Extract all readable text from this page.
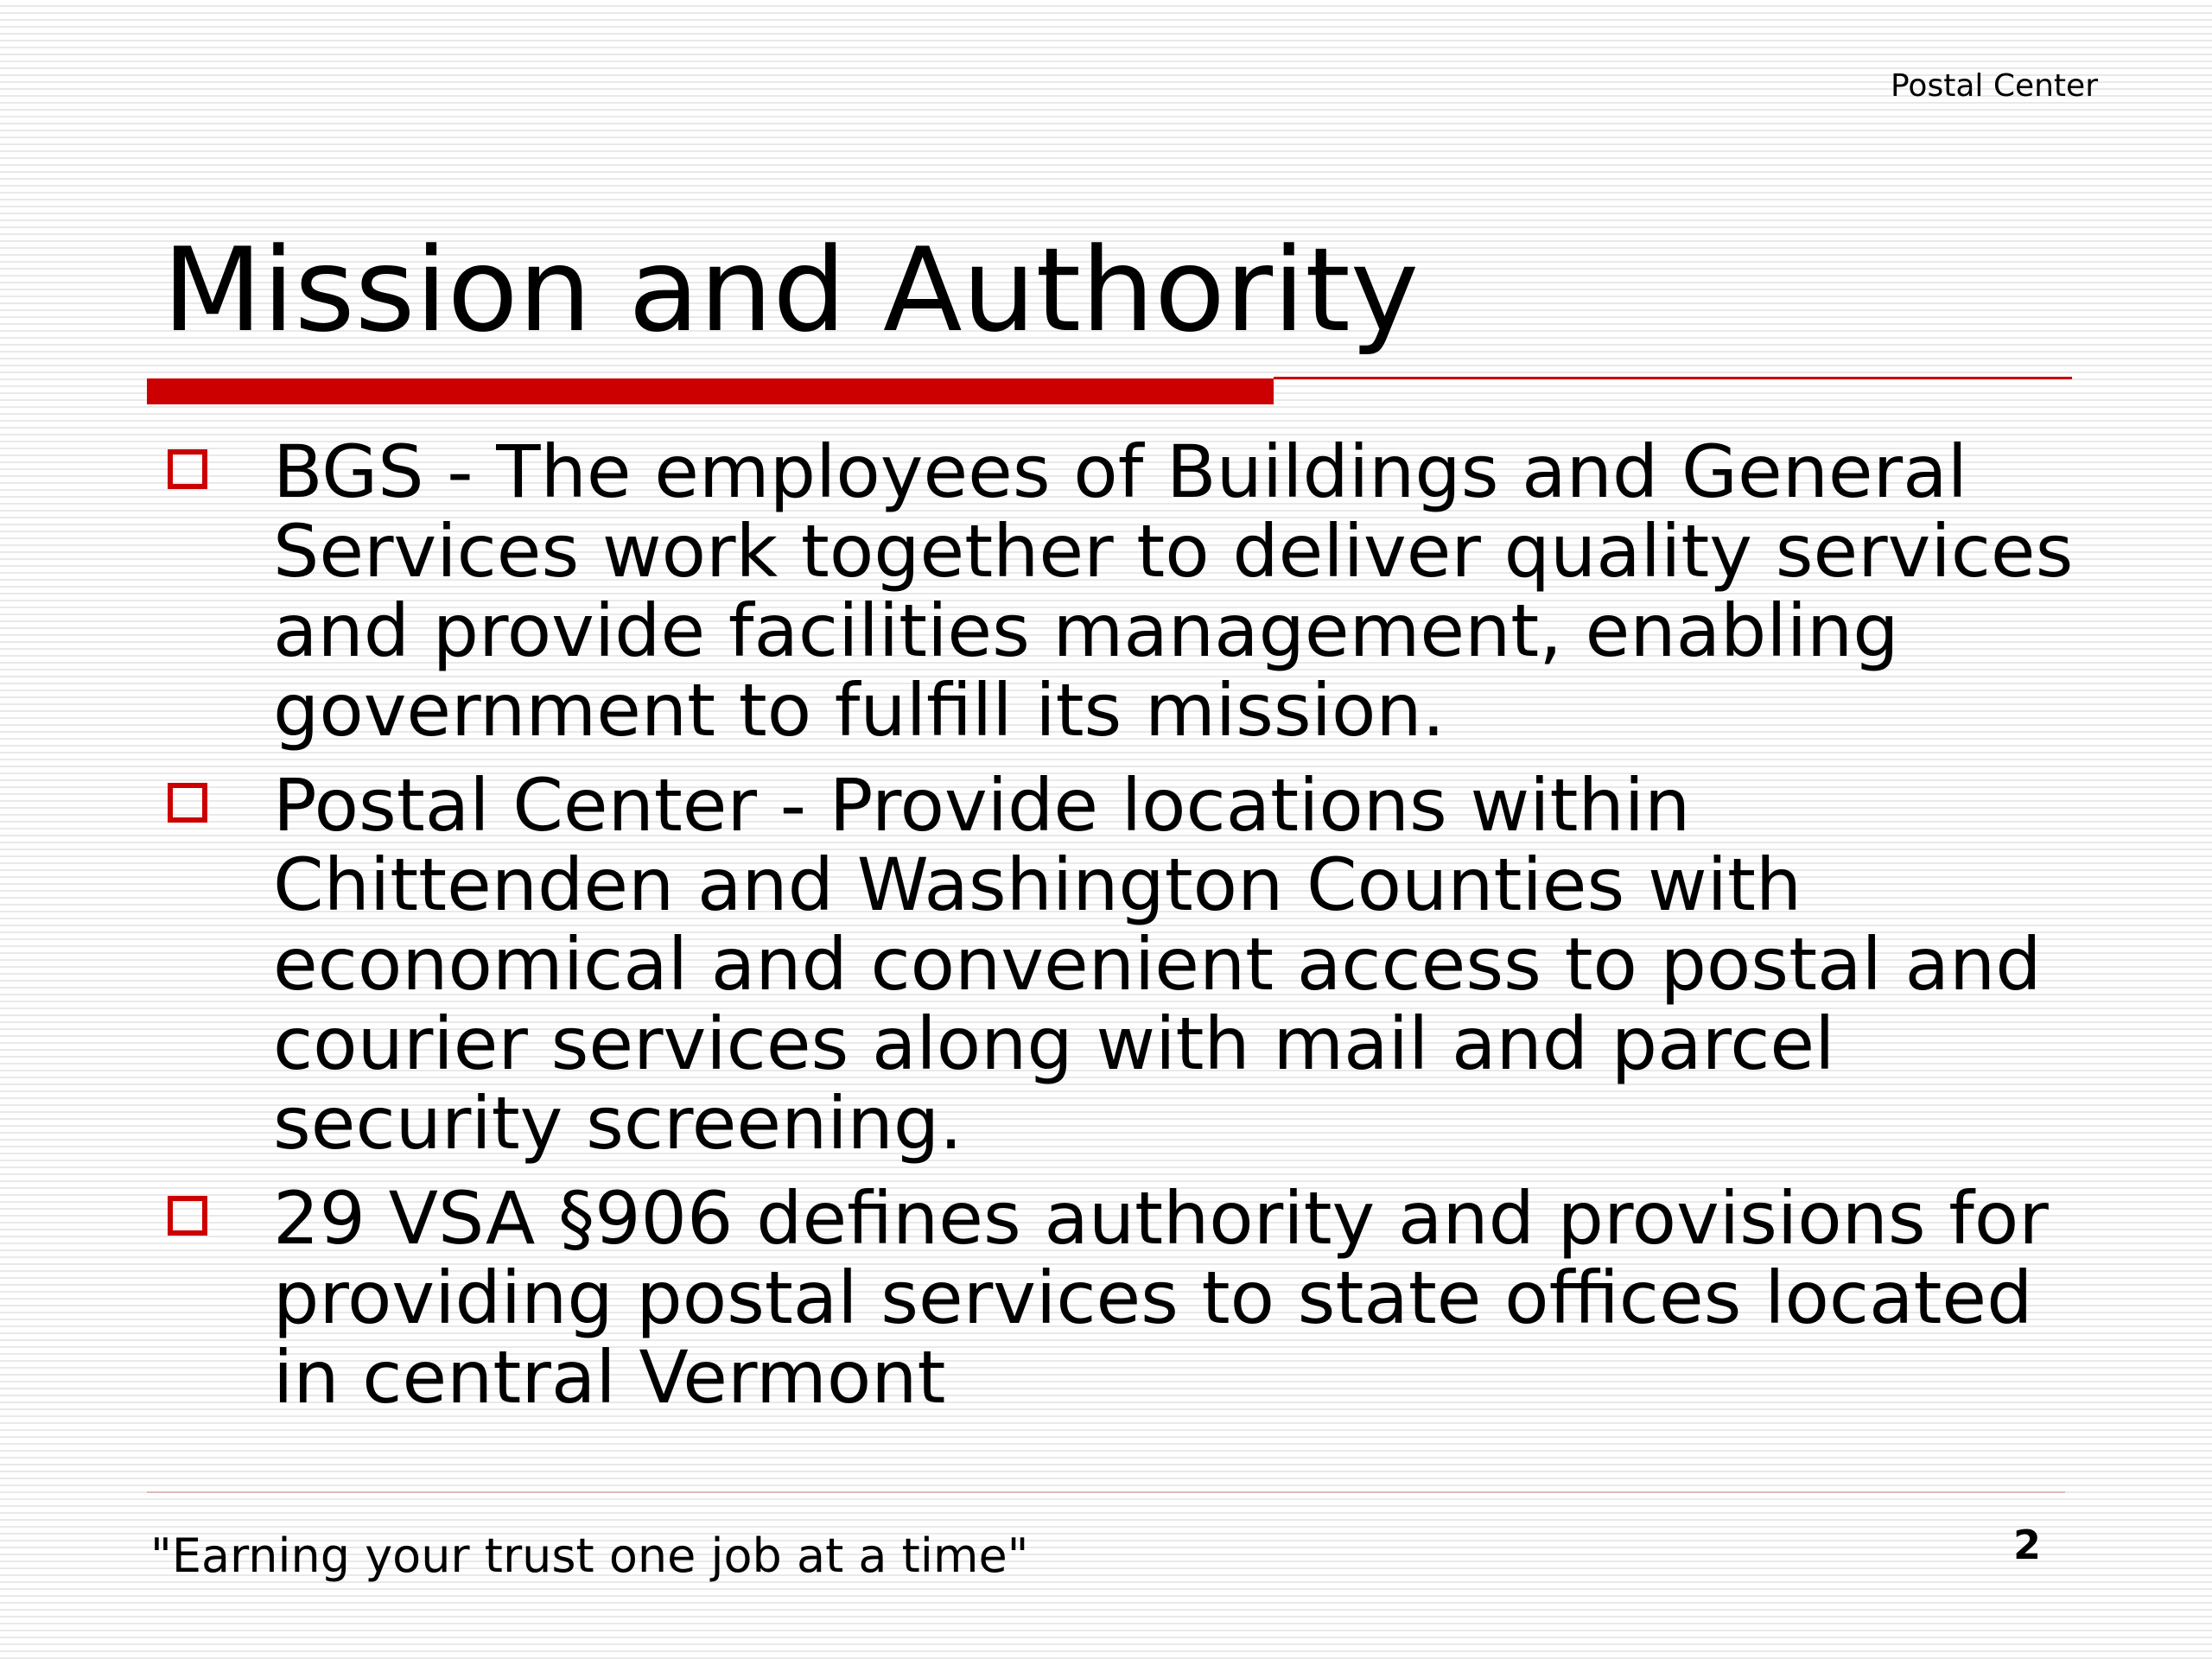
Postal Center
Mission and Authority
BGS - The employees of Buildings and General Services work together to deliver quality services and provide facilities management, enabling government to fulfill its mission.
Postal Center - Provide locations within Chittenden and Washington Counties with economical and convenient access to postal and courier services along with mail and parcel security screening.
29 VSA §906 defines authority and provisions for providing postal services to state offices located in central Vermont
"Earning your trust one job at a time"	2
